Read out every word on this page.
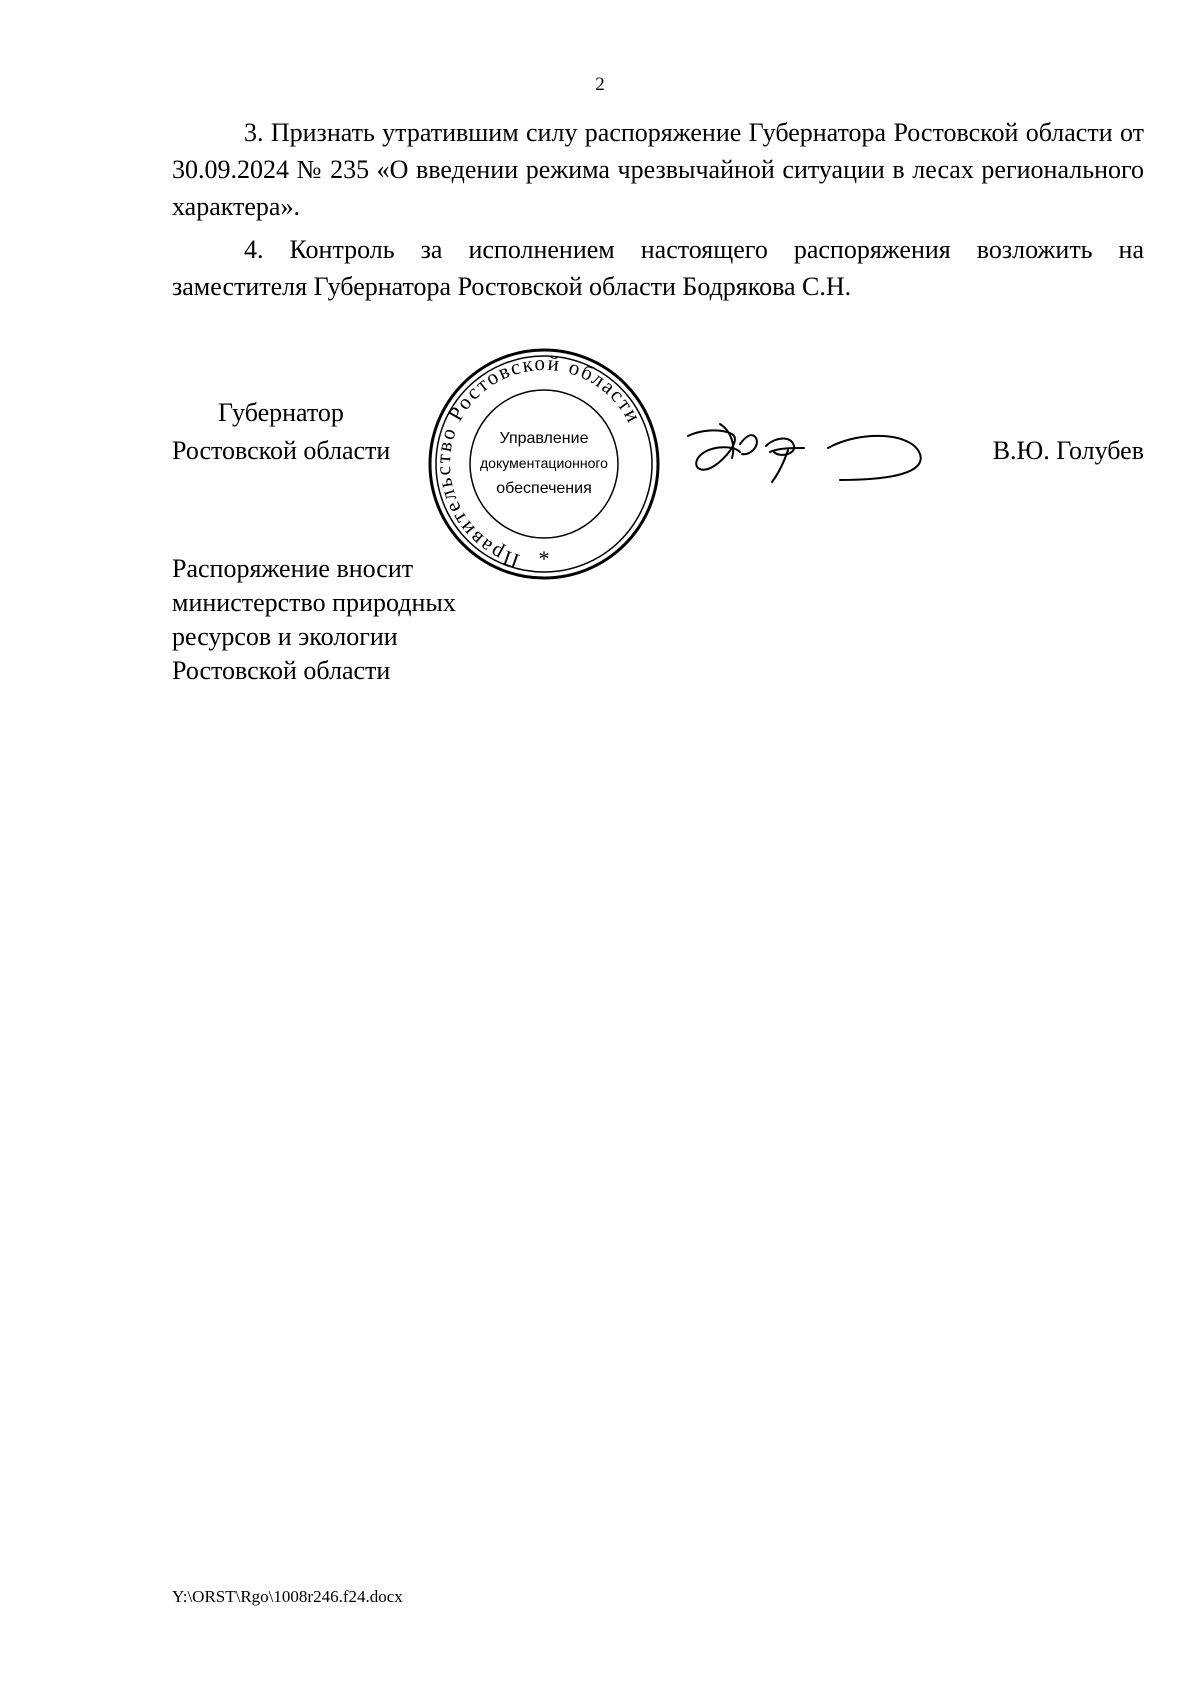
2

3. Признать утратившим силу распоряжение Губернатора Ростовской области от 30.09.2024 № 235 «О введении режима чрезвычайной ситуации в лесах регионального характера».

4. Контроль за исполнением настоящего распоряжения возложить на заместителя Губернатора Ростовской области Бодрякова С.Н.

Губернатор
Ростовской области
Правительство Ростовской области
Управление
документационного
обеспечения
*
В.Ю. Голубев
Распоряжение вносит
министерство природных
ресурсов и экологии
Ростовской области
Y:\ORST\Rgo\1008r246.f24.docx
